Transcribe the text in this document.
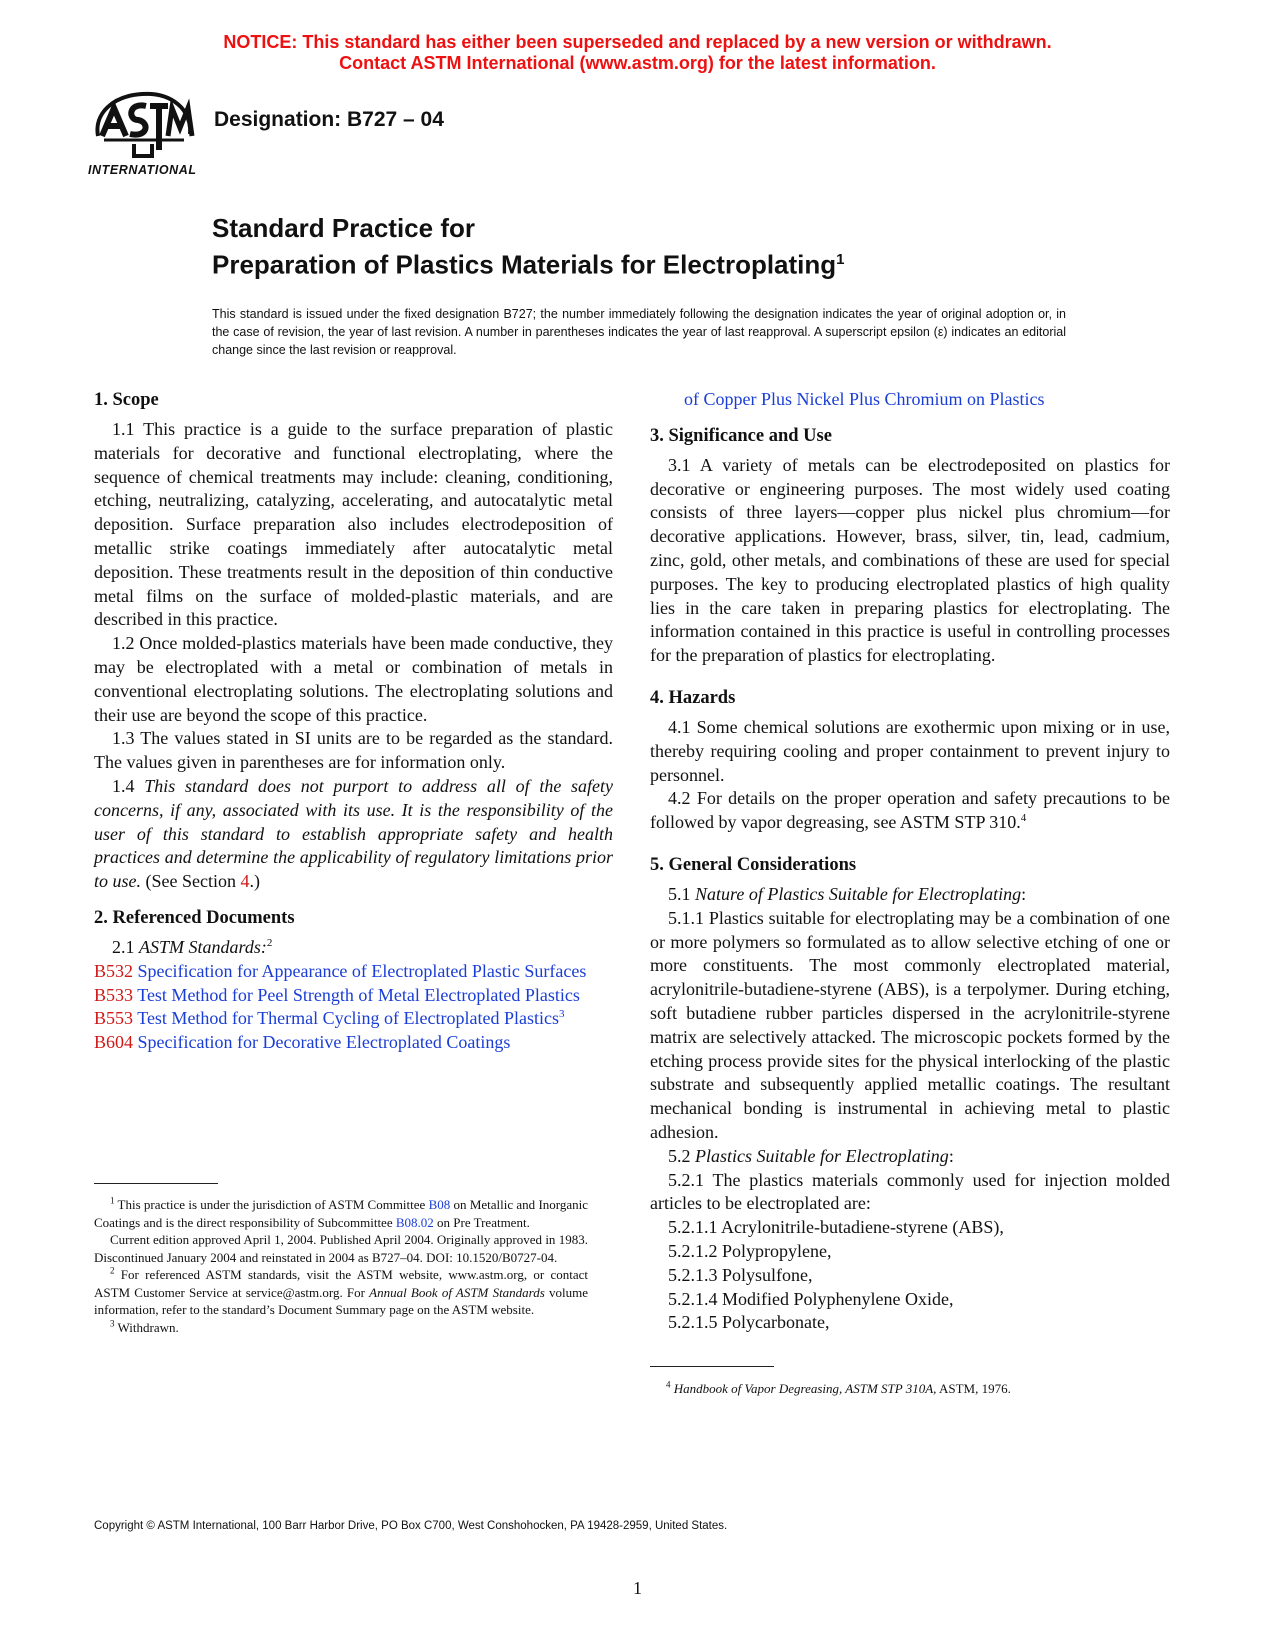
NOTICE: This standard has either been superseded and replaced by a new version or withdrawn.
Contact ASTM International (www.astm.org) for the latest information.
INTERNATIONAL
Designation: B727 – 04
Standard Practice for
Preparation of Plastics Materials for Electroplating$^1$
This standard is issued under the fixed designation B727; the number immediately following the designation indicates the year of original adoption or, in the case of revision, the year of last revision. A number in parentheses indicates the year of last reapproval. A superscript epsilon (ε) indicates an editorial change since the last revision or reapproval.
1. Scope

1.1 This practice is a guide to the surface preparation of plastic materials for decorative and functional electroplating, where the sequence of chemical treatments may include: cleaning, conditioning, etching, neutralizing, catalyzing, accelerating, and autocatalytic metal deposition. Surface preparation also includes electrodeposition of metallic strike coatings immediately after autocatalytic metal deposition. These treatments result in the deposition of thin conductive metal films on the surface of molded-plastic materials, and are described in this practice.

1.2 Once molded-plastics materials have been made conductive, they may be electroplated with a metal or combination of metals in conventional electroplating solutions. The electroplating solutions and their use are beyond the scope of this practice.

1.3 The values stated in SI units are to be regarded as the standard. The values given in parentheses are for information only.

1.4 This standard does not purport to address all of the safety concerns, if any, associated with its use. It is the responsibility of the user of this standard to establish appropriate safety and health practices and determine the applicability of regulatory limitations prior to use. (See Section 4.)

2. Referenced Documents

2.1 ASTM Standards:$^2$

B532 Specification for Appearance of Electroplated Plastic Surfaces

B533 Test Method for Peel Strength of Metal Electroplated Plastics

B553 Test Method for Thermal Cycling of Electroplated Plastics$^3$

B604 Specification for Decorative Electroplated Coatings

$^1$ This practice is under the jurisdiction of ASTM Committee B08 on Metallic and Inorganic Coatings and is the direct responsibility of Subcommittee B08.02 on Pre Treatment.

Current edition approved April 1, 2004. Published April 2004. Originally approved in 1983. Discontinued January 2004 and reinstated in 2004 as B727–04. DOI: 10.1520/B0727-04.

$^2$ For referenced ASTM standards, visit the ASTM website, www.astm.org, or contact ASTM Customer Service at service@astm.org. For Annual Book of ASTM Standards volume information, refer to the standard’s Document Summary page on the ASTM website.

$^3$ Withdrawn.

of Copper Plus Nickel Plus Chromium on Plastics

3. Significance and Use

3.1 A variety of metals can be electrodeposited on plastics for decorative or engineering purposes. The most widely used coating consists of three layers—copper plus nickel plus chromium—for decorative applications. However, brass, silver, tin, lead, cadmium, zinc, gold, other metals, and combinations of these are used for special purposes. The key to producing electroplated plastics of high quality lies in the care taken in preparing plastics for electroplating. The information contained in this practice is useful in controlling processes for the preparation of plastics for electroplating.

4. Hazards

4.1 Some chemical solutions are exothermic upon mixing or in use, thereby requiring cooling and proper containment to prevent injury to personnel.

4.2 For details on the proper operation and safety precautions to be followed by vapor degreasing, see ASTM STP 310.$^4$

5. General Considerations

5.1 Nature of Plastics Suitable for Electroplating:

5.1.1 Plastics suitable for electroplating may be a combination of one or more polymers so formulated as to allow selective etching of one or more constituents. The most commonly electroplated material, acrylonitrile-butadiene-styrene (ABS), is a terpolymer. During etching, soft butadiene rubber particles dispersed in the acrylonitrile-styrene matrix are selectively attacked. The microscopic pockets formed by the etching process provide sites for the physical interlocking of the plastic substrate and subsequently applied metallic coatings. The resultant mechanical bonding is instrumental in achieving metal to plastic adhesion.

5.2 Plastics Suitable for Electroplating:

5.2.1 The plastics materials commonly used for injection molded articles to be electroplated are:

5.2.1.1 Acrylonitrile-butadiene-styrene (ABS),

5.2.1.2 Polypropylene,

5.2.1.3 Polysulfone,

5.2.1.4 Modified Polyphenylene Oxide,

5.2.1.5 Polycarbonate,

$^4$ Handbook of Vapor Degreasing, ASTM STP 310A, ASTM, 1976.

Copyright © ASTM International, 100 Barr Harbor Drive, PO Box C700, West Conshohocken, PA 19428-2959, United States.
1
